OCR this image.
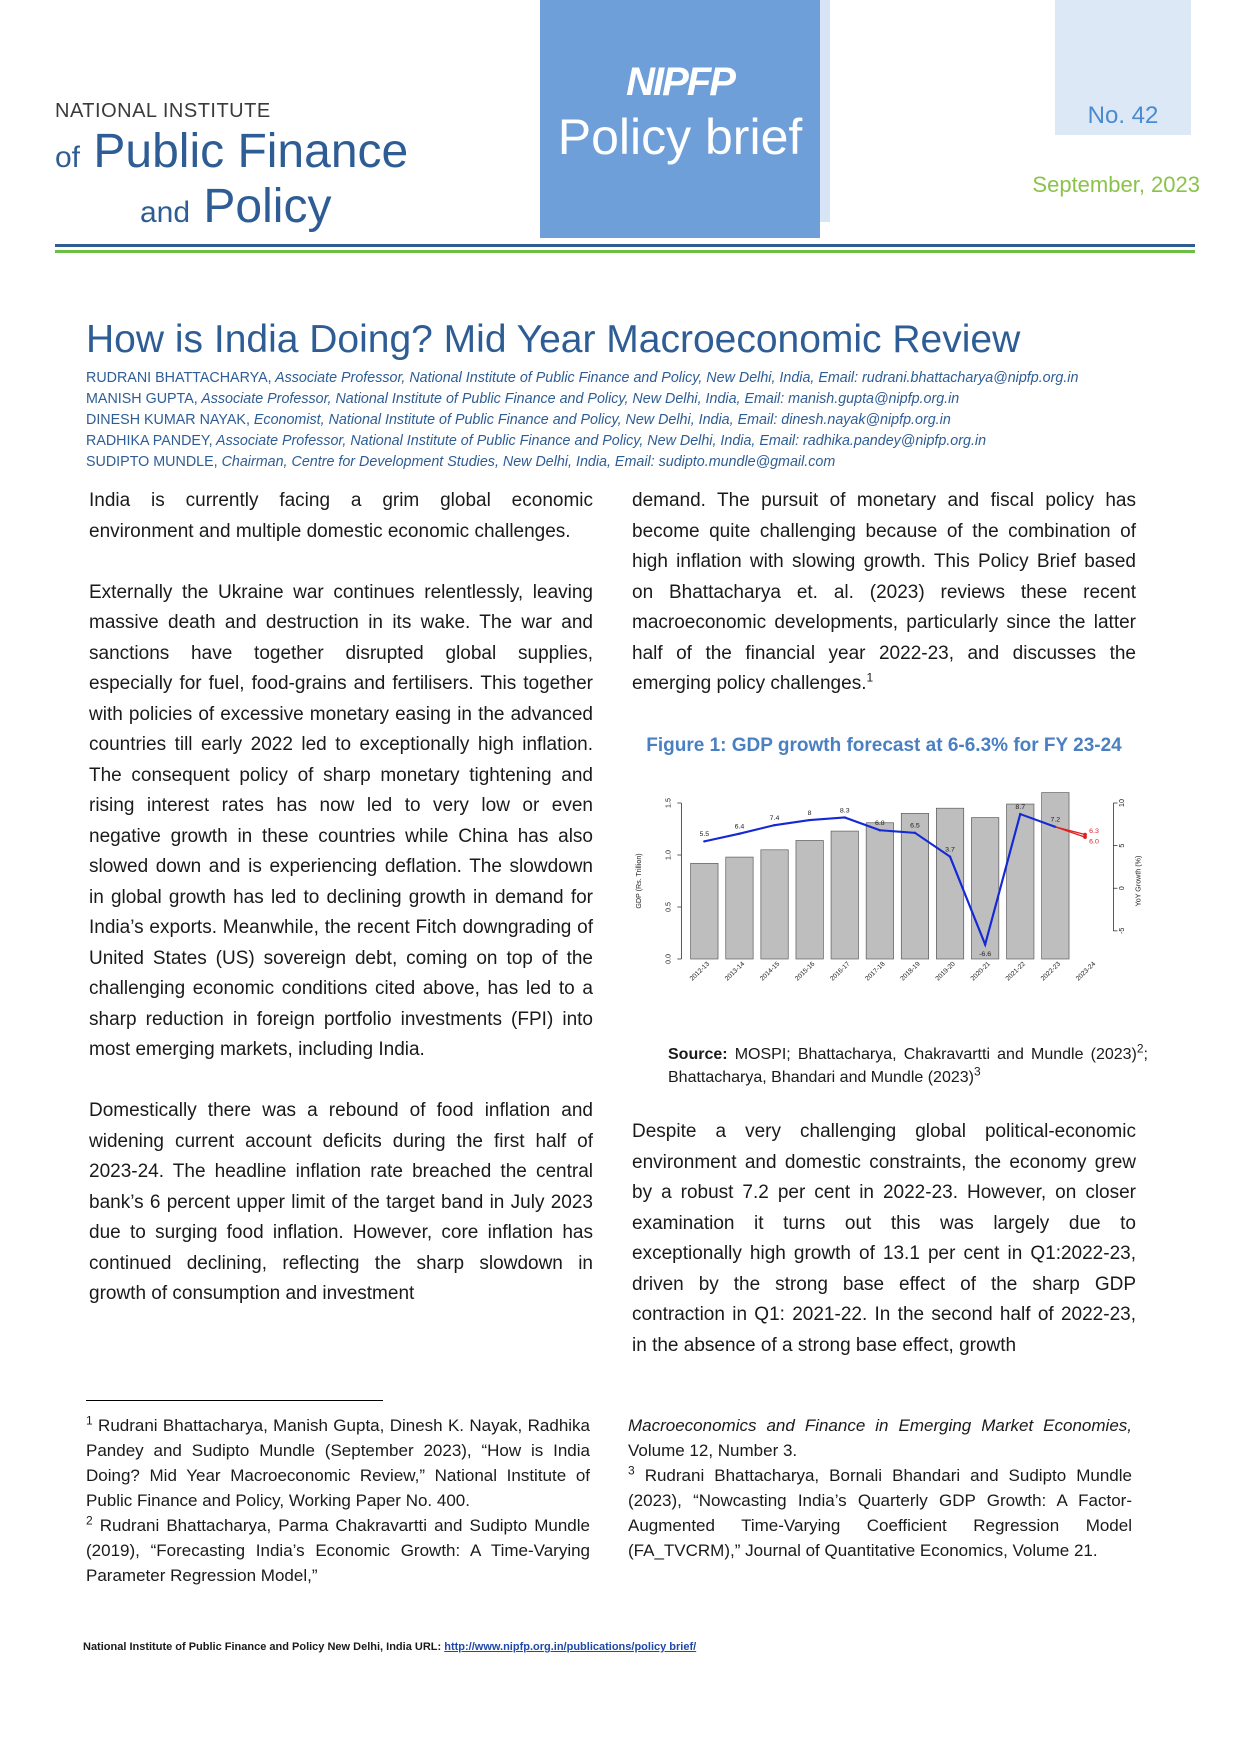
NATIONAL INSTITUTE
of Public Finance
and Policy
NIPFP
Policy brief	No. 42
September, 2023
How is India Doing? Mid Year Macroeconomic Review
RUDRANI BHATTACHARYA, Associate Professor, National Institute of Public Finance and Policy, New Delhi, India, Email: rudrani.bhattacharya@nipfp.org.in
MANISH GUPTA, Associate Professor, National Institute of Public Finance and Policy, New Delhi, India, Email: manish.gupta@nipfp.org.in
DINESH KUMAR NAYAK, Economist, National Institute of Public Finance and Policy, New Delhi, India, Email: dinesh.nayak@nipfp.org.in
RADHIKA PANDEY, Associate Professor, National Institute of Public Finance and Policy, New Delhi, India, Email: radhika.pandey@nipfp.org.in
SUDIPTO MUNDLE, Chairman, Centre for Development Studies, New Delhi, India, Email: sudipto.mundle@gmail.com

India is currently facing a grim global economic environment and multiple domestic economic challenges.

Externally the Ukraine war continues relentlessly, leaving massive death and destruction in its wake. The war and sanctions have together disrupted global supplies, especially for fuel, food-grains and fertilisers. This together with policies of excessive monetary easing in the advanced countries till early 2022 led to exceptionally high inflation. The consequent policy of sharp monetary tightening and rising interest rates has now led to very low or even negative growth in these countries while China has also slowed down and is experiencing deflation. The slowdown in global growth has led to declining growth in demand for India’s exports. Meanwhile, the recent Fitch downgrading of United States (US) sovereign debt, coming on top of the challenging economic conditions cited above, has led to a sharp reduction in foreign portfolio investments (FPI) into most emerging markets, including India.

Domestically there was a rebound of food inflation and widening current account deficits during the first half of 2023-24. The headline inflation rate breached the central bank’s 6 percent upper limit of the target band in July 2023 due to surging food inflation. However, core inflation has continued declining, reflecting the sharp slowdown in growth of consumption and investment

demand. The pursuit of monetary and fiscal policy has become quite challenging because of the combination of high inflation with slowing growth. This Policy Brief based on Bhattacharya et. al. (2023) reviews these recent macroeconomic developments, particularly since the latter half of the financial year 2022-23, and discusses the emerging policy challenges.$^1$

Figure 1: GDP growth forecast at 6-6.3% for FY 23-24
0.0
0.5
1.0
1.5
GDP (Rs. Trillion)
-5
0
5
10
YoY Growth (%)
2012-13	2013-14	2014-15	2015-16	2016-17	2017-18	2018-19	2019-20	2020-21	2021-22	2022-23	2023-24
5.5
6.4
7.4
8	8.3
6.8	6.5
3.7
-6.6
8.7
7.2
6.3
6.0
Source: MOSPI; Bhattacharya, Chakravartti and Mundle $(2023)^2$; Bhattacharya, Bhandari and Mundle $(2023)^3$

Despite a very challenging global political-economic environment and domestic constraints, the economy grew by a robust 7.2 per cent in 2022-23. However, on closer examination it turns out this was largely due to exceptionally high growth of 13.1 per cent in Q1:2022-23, driven by the strong base effect of the sharp GDP contraction in Q1: 2021-22. In the second half of 2022-23, in the absence of a strong base effect, growth

$^1$ Rudrani Bhattacharya, Manish Gupta, Dinesh K. Nayak, Radhika Pandey and Sudipto Mundle (September 2023), “How is India Doing? Mid Year Macroeconomic Review,” National Institute of Public Finance and Policy, Working Paper No. 400.

$^2$ Rudrani Bhattacharya, Parma Chakravartti and Sudipto Mundle (2019), “Forecasting India’s Economic Growth: A Time-Varying Parameter Regression Model,”

Macroeconomics and Finance in Emerging Market Economies, Volume 12, Number 3.

$^3$ Rudrani Bhattacharya, Bornali Bhandari and Sudipto Mundle (2023), “Nowcasting India’s Quarterly GDP Growth: A Factor-Augmented Time-Varying Coefficient Regression Model (FA_TVCRM),” Journal of Quantitative Economics, Volume 21.

National Institute of Public Finance and Policy New Delhi, India URL: http://www.nipfp.org.in/publications/policy brief/
